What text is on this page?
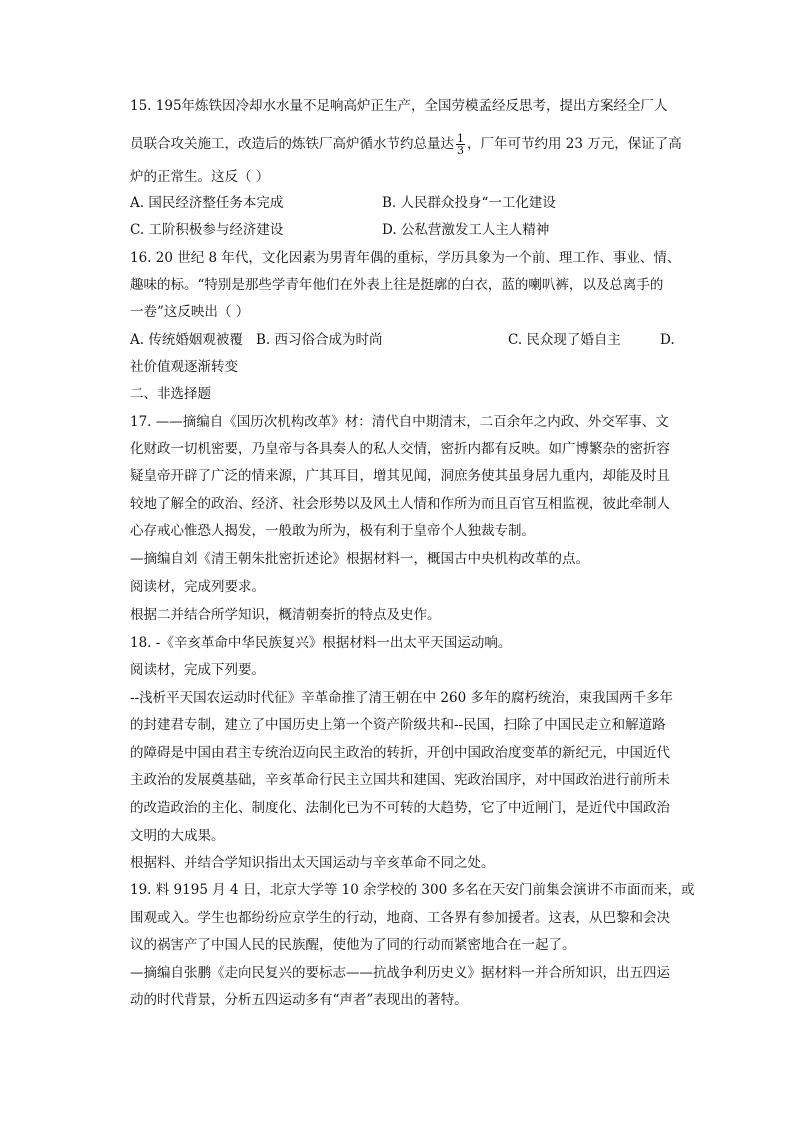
15. 195年炼铁因冷却水水量不足响高炉正生产，全国劳模孟经反思考，提出方案经全厂人
员联合攻关施工，改造后的炼铁厂高炉循水节约总量达 $\frac{1}{3}$ ，厂年可节约用 23 万元，保证了高
炉的正常生。这反（ ）
A. 国民经济整任务本完成	B. 人民群众投身“一工化建设
C. 工阶积极参与经济建设	D. 公私营激发工人主人精神
16. 20 世纪 8 年代，文化因素为男青年偶的重标，学历具象为一个前、理工作、事业、情、
趣味的标。“特别是那些学青年他们在外表上往是挺廓的白衣，蓝的喇叭裤，以及总离手的
一卷”这反映出（ ）
A. 传统婚姻观被覆 B. 西习俗合成为时尚	C. 民众现了婚自主	D.
社价值观逐渐转变
二、非选择题
17. ——摘编自《国历次机构改革》材：清代自中期清末，二百余年之内政、外交军事、文
化财政一切机密要，乃皇帝与各具奏人的私人交情，密折内都有反映。如广博繁杂的密折容
疑皇帝开辟了广泛的情来源，广其耳目，增其见闻，洞庶务使其虽身居九重内，却能及时且
较地了解全的政治、经济、社会形势以及风土人情和作所为而且百官互相监视，彼此牵制人
心存戒心惟恐人揭发，一般敢为所为，极有利于皇帝个人独裁专制。
—摘编自刘《清王朝朱批密折述论》根据材料一，概国古中央机构改革的点。
阅读材，完成列要求。
根据二并结合所学知识，概清朝奏折的特点及史作。
18. -《辛亥革命中华民族复兴》根据材料一出太平天国运动响。
阅读材，完成下列要。
--浅析平天国农运动时代征》辛革命推了清王朝在中 260 多年的腐朽统治，束我国两千多年
的封建君专制，建立了中国历史上第一个资产阶级共和--民国，扫除了中国民走立和解道路
的障碍是中国由君主专统治迈向民主政治的转折，开创中国政治度变革的新纪元，中国近代
主政治的发展奠基础，辛亥革命行民主立国共和建国、宪政治国序，对中国政治进行前所未
的改造政治的主化、制度化、法制化已为不可转的大趋势，它了中近闸门，是近代中国政治
文明的大成果。
根据料、并结合学知识指出太天国运动与辛亥革命不同之处。
19. 料 9195 月 4 日，北京大学等 10 余学校的 300 多名在天安门前集会演讲不市面而来，或
围观或入。学生也都纷纷应京学生的行动，地商、工各界有参加援者。这表，从巴黎和会决
议的祸害产了中国人民的民族醒，使他为了同的行动而紧密地合在一起了。
—摘编自张鹏《走向民复兴的要标志——抗战争利历史义》据材料一并合所知识，出五四运
动的时代背景，分析五四运动多有“声者”表现出的著特。
